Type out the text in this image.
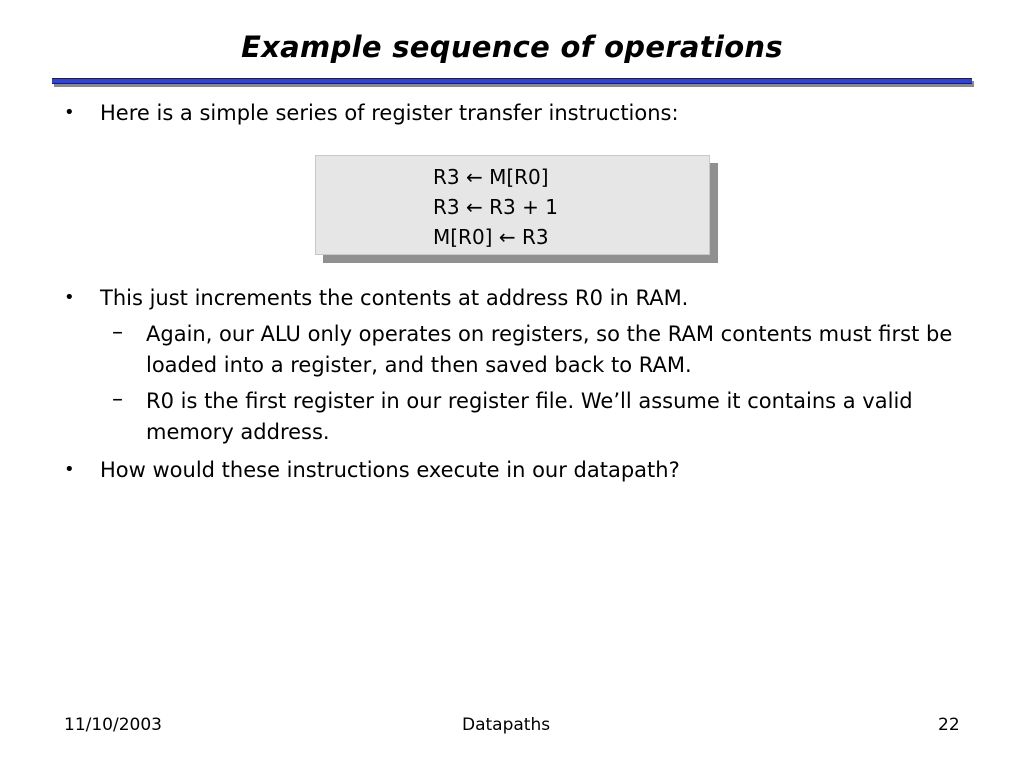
Example sequence of operations
• Here is a simple series of register transfer instructions:
R3 ← M[R0]
R3 ← R3 + 1
M[R0] ← R3
• This just increments the contents at address R0 in RAM.
– Again, our ALU only operates on registers, so the RAM contents must first be loaded into a register, and then saved back to RAM.
– R0 is the first register in our register file. We’ll assume it contains a valid memory address.
• How would these instructions execute in our datapath?
11/10/2003	Datapaths	22
